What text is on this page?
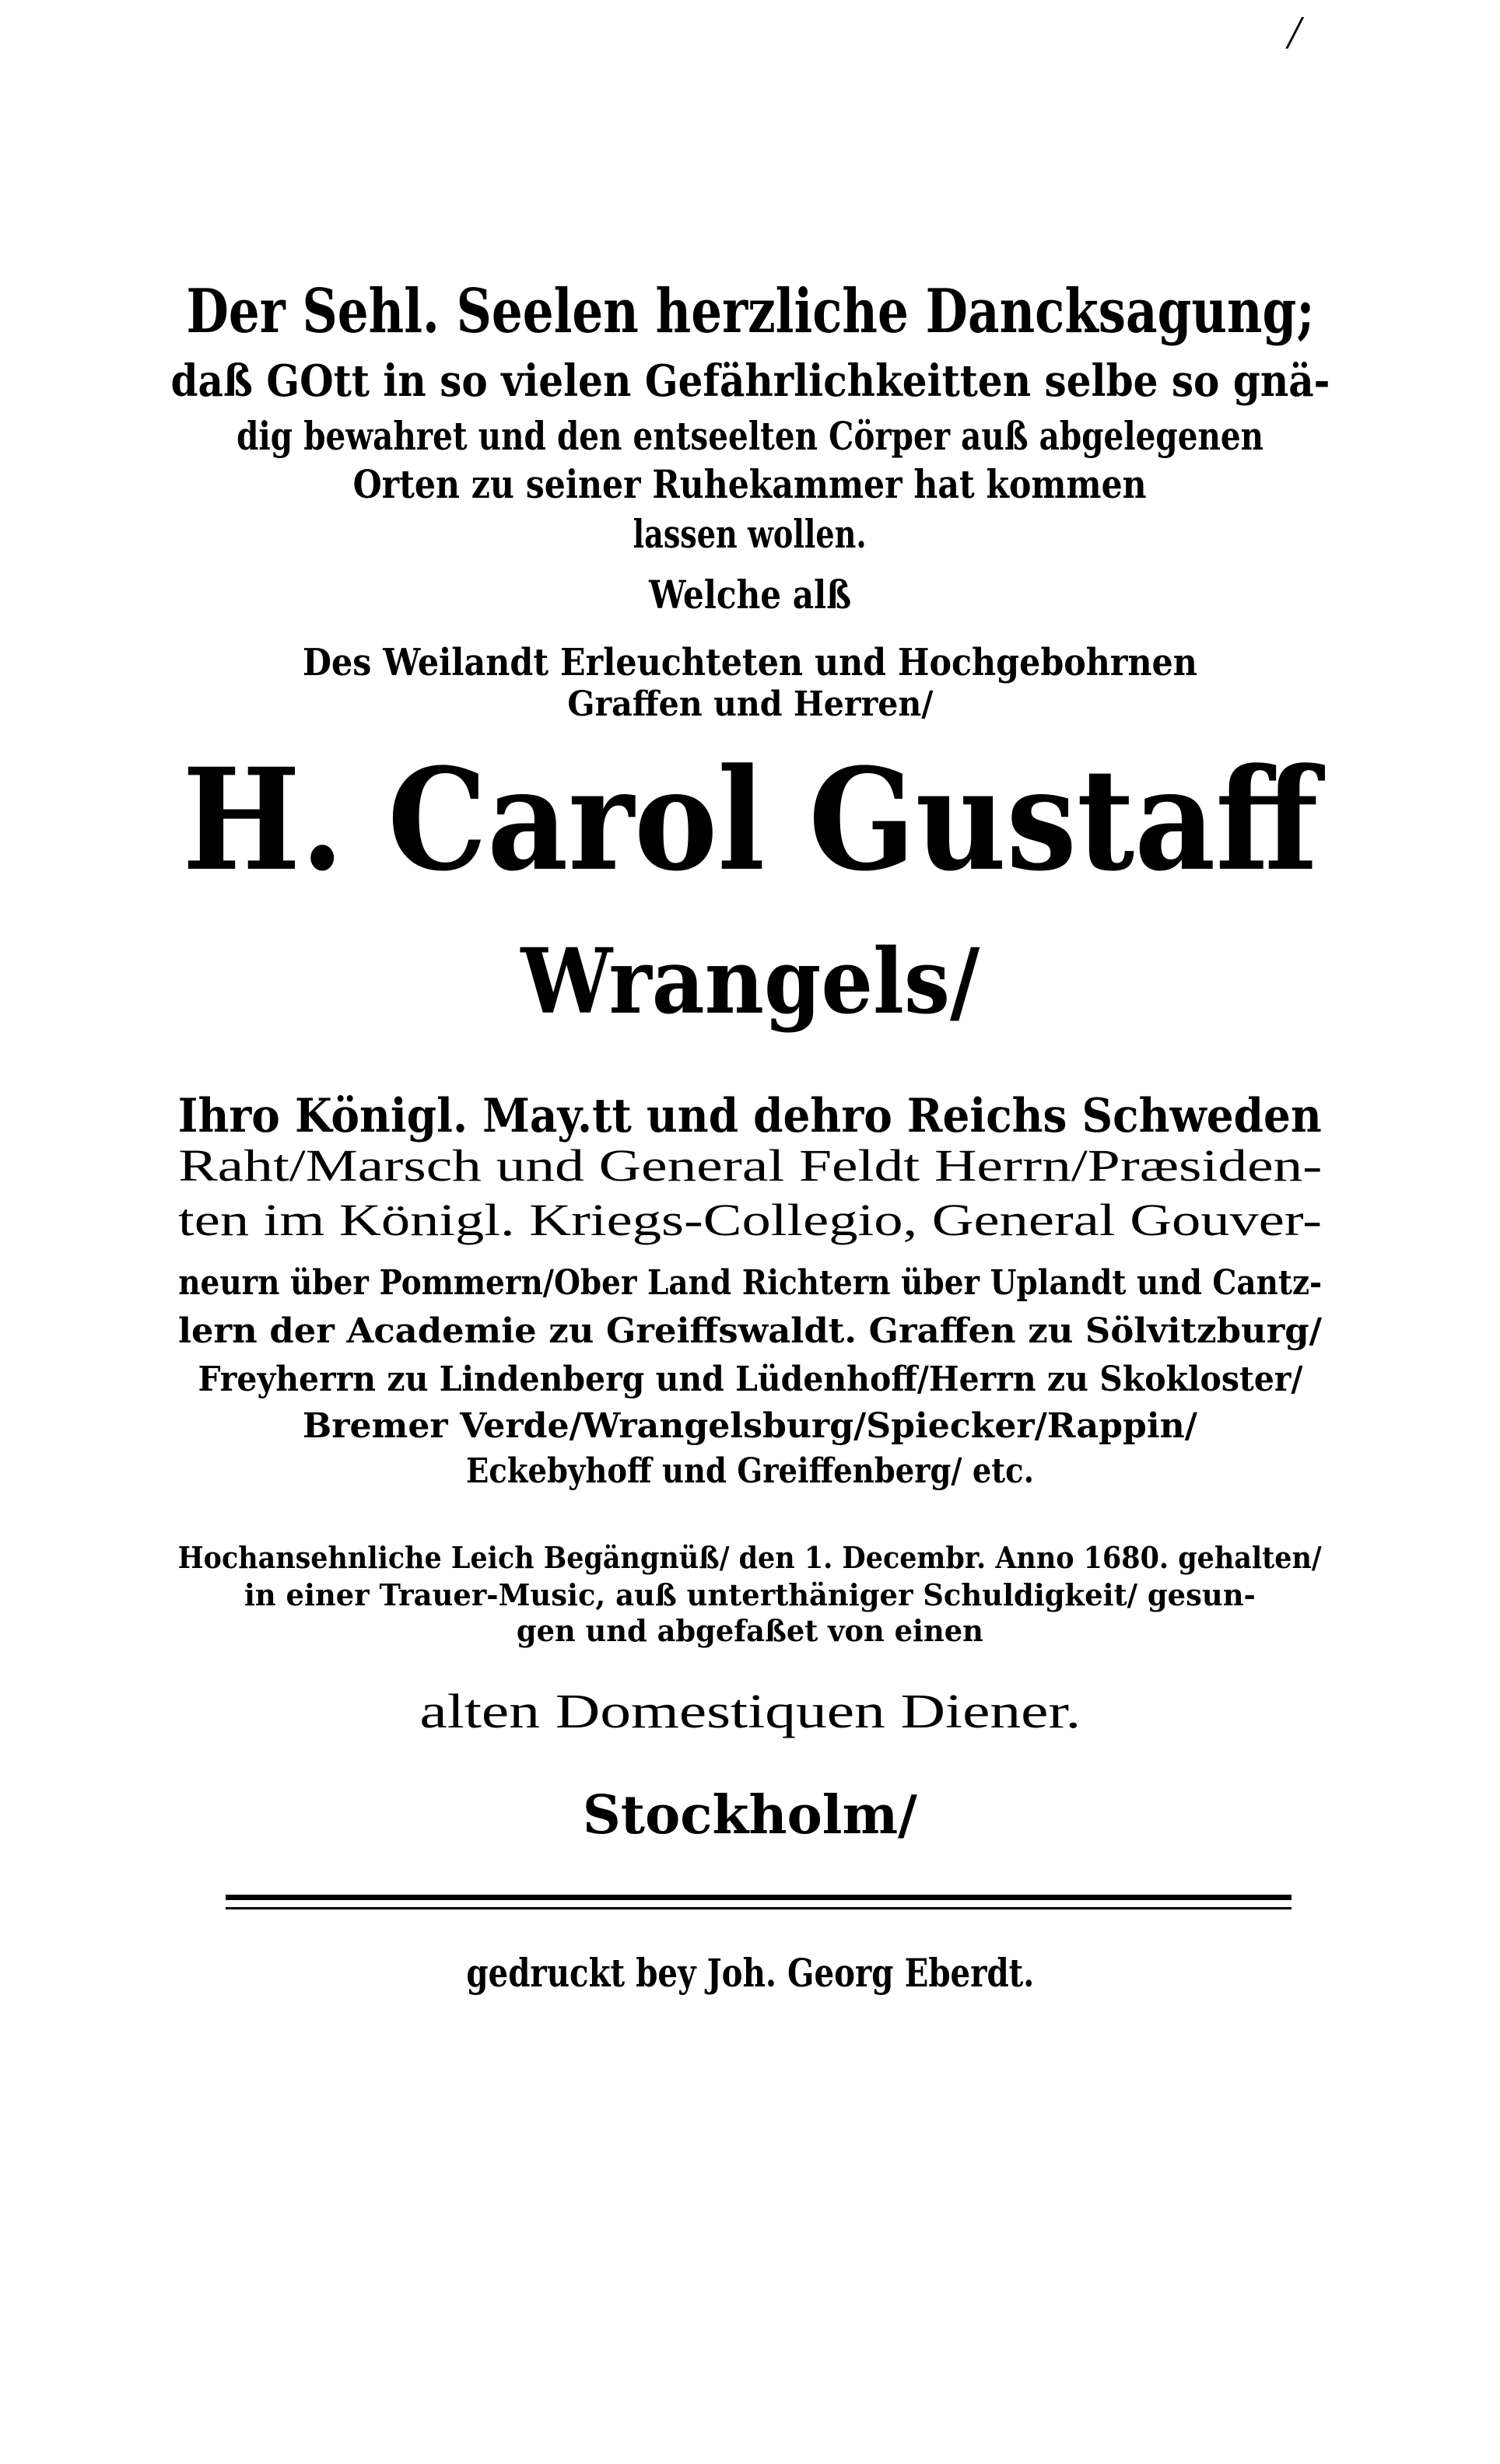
/
Der Sehl. Seelen herzliche Dancksagung;
daß GOtt in so vielen Gefährlichkeitten selbe so gnä-
dig bewahret und den entseelten Cörper auß abgelegenen
Orten zu seiner Ruhekammer hat kommen
lassen wollen.
Welche alß
Des Weilandt Erleuchteten und Hochgebohrnen
Graffen und Herren/
H. Carol Gustaff
Wrangels/
Ihro Königl. May.tt und dehro Reichs Schweden
Raht/Marsch und General Feldt Herrn/Præsiden-
ten im Königl. Kriegs-Collegio, General Gouver-
neurn über Pommern/Ober Land Richtern über Uplandt und Cantz-
lern der Academie zu Greiffswaldt. Graffen zu Sölvitzburg/
Freyherrn zu Lindenberg und Lüdenhoff/Herrn zu Skokloster/
Bremer Verde/Wrangelsburg/Spiecker/Rappin/
Eckebyhoff und Greiffenberg/ etc.
Hochansehnliche Leich Begängnüß/ den 1. Decembr. Anno 1680. gehalten/
in einer Trauer-Music, auß unterthäniger Schuldigkeit/ gesun-
gen und abgefaßet von einen
alten Domestiquen Diener.
Stockholm/
gedruckt bey Joh. Georg Eberdt.
